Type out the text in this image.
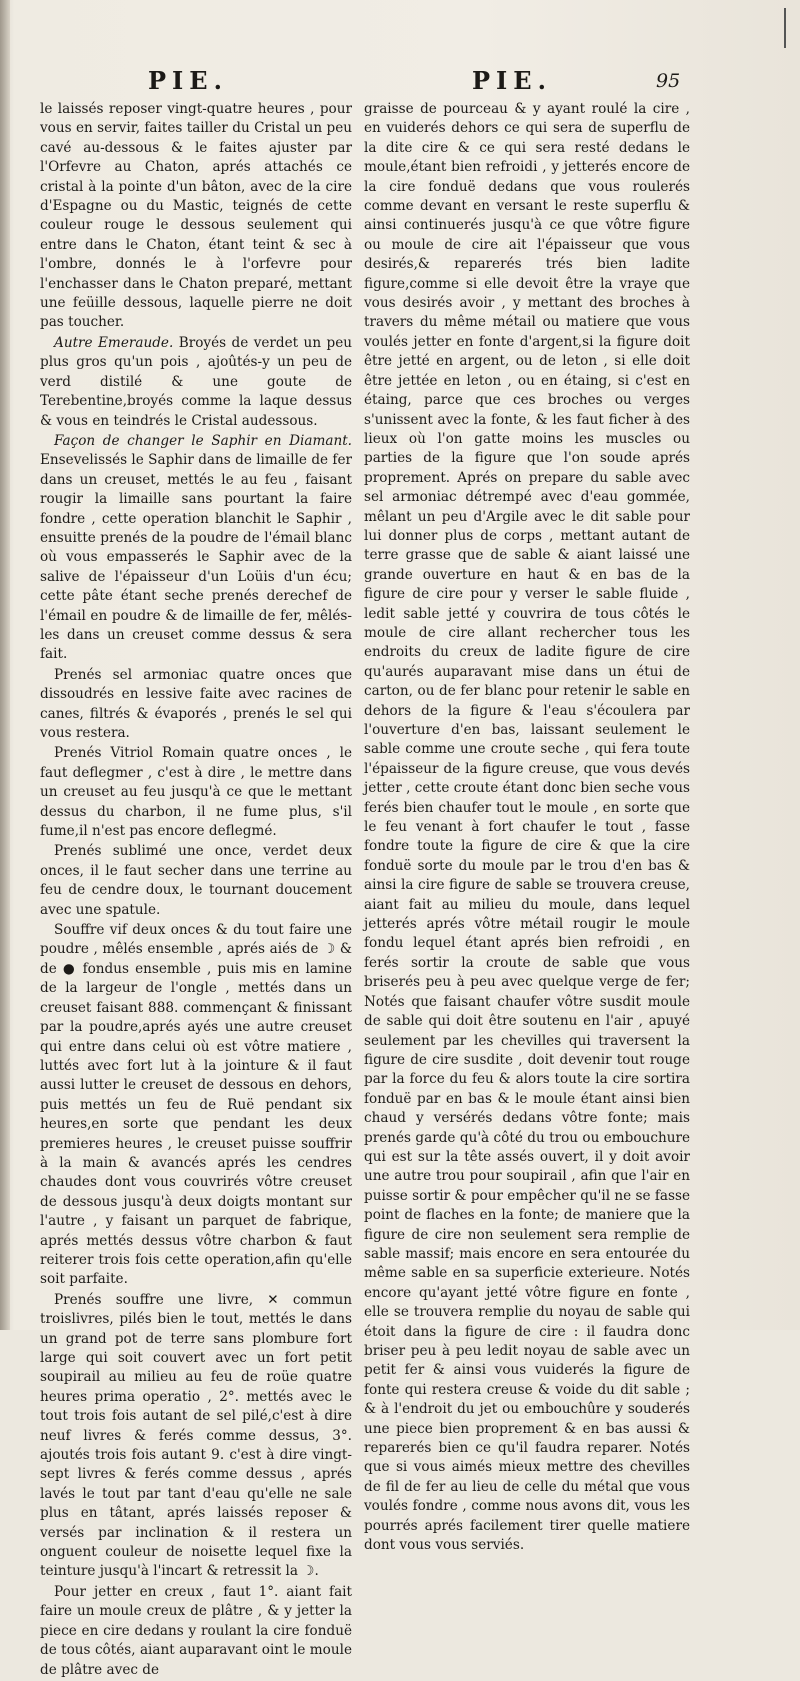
PIE.	PIE.	95

le laissés reposer vingt-quatre heures , pour vous en servir, faites tailler du Cristal un peu cavé au-dessous & le faites ajuster par l'Orfevre au Chaton, aprés attachés ce cristal à la pointe d'un bâton, avec de la cire d'Espagne ou du Mastic, teignés de cette couleur rouge le dessous seulement qui entre dans le Chaton, étant teint & sec à l'ombre, donnés le à l'orfevre pour l'enchasser dans le Chaton preparé, mettant une feüille dessous, laquelle pierre ne doit pas toucher.

Autre Emeraude. Broyés de verdet un peu plus gros qu'un pois , ajoûtés-y un peu de verd distilé & une goute de Terebentine,broyés comme la laque dessus & vous en teindrés le Cristal audessous.

Façon de changer le Saphir en Diamant. Ensevelissés le Saphir dans de limaille de fer dans un creuset, mettés le au feu , faisant rougir la limaille sans pourtant la faire fondre , cette operation blanchit le Saphir , ensuitte prenés de la poudre de l'émail blanc où vous empasserés le Saphir avec de la salive de l'épaisseur d'un Loüis d'un écu; cette pâte étant seche prenés derechef de l'émail en poudre & de limaille de fer, mêlés-les dans un creuset comme dessus & sera fait.

Prenés sel armoniac quatre onces que dissoudrés en lessive faite avec racines de canes, filtrés & évaporés , prenés le sel qui vous restera.

Prenés Vitriol Romain quatre onces , le faut deflegmer , c'est à dire , le mettre dans un creuset au feu jusqu'à ce que le mettant dessus du charbon, il ne fume plus, s'il fume,il n'est pas encore deflegmé.

Prenés sublimé une once, verdet deux onces, il le faut secher dans une terrine au feu de cendre doux, le tournant doucement avec une spatule.

Souffre vif deux onces & du tout faire une poudre , mêlés ensemble , aprés aiés de ☽ & de ● fondus ensemble , puis mis en lamine de la largeur de l'ongle , mettés dans un creuset faisant 888. commençant & finissant par la poudre,aprés ayés une autre creuset qui entre dans celui où est vôtre matiere , luttés avec fort lut à la jointure & il faut aussi lutter le creuset de dessous en dehors, puis mettés un feu de Ruë pendant six heures,en sorte que pendant les deux premieres heures , le creuset puisse souffrir à la main & avancés aprés les cendres chaudes dont vous couvrirés vôtre creuset de dessous jusqu'à deux doigts montant sur l'autre , y faisant un parquet de fabrique, aprés mettés dessus vôtre charbon & faut reiterer trois fois cette operation,afin qu'elle soit parfaite.

Prenés souffre une livre, ✕ commun troislivres, pilés bien le tout, mettés le dans un grand pot de terre sans plombure fort large qui soit couvert avec un fort petit soupirail au milieu au feu de roüe quatre heures prima operatio , 2°. mettés avec le tout trois fois autant de sel pilé,c'est à dire neuf livres & ferés comme dessus, 3°. ajoutés trois fois autant 9. c'est à dire vingt-sept livres & ferés comme dessus , aprés lavés le tout par tant d'eau qu'elle ne sale plus en tâtant, aprés laissés reposer & versés par inclination & il restera un onguent couleur de noisette lequel fixe la teinture jusqu'à l'incart & retressit la ☽.

Pour jetter en creux , faut 1°. aiant fait faire un moule creux de plâtre , & y jetter la piece en cire dedans y roulant la cire fonduë de tous côtés, aiant auparavant oint le moule de plâtre avec de

graisse de pourceau & y ayant roulé la cire , en vuiderés dehors ce qui sera de superflu de la dite cire & ce qui sera resté dedans le moule,étant bien refroidi , y jetterés encore de la cire fonduë dedans que vous roulerés comme devant en versant le reste superflu & ainsi continuerés jusqu'à ce que vôtre figure ou moule de cire ait l'épaisseur que vous desirés,& reparerés trés bien ladite figure,comme si elle devoit être la vraye que vous desirés avoir , y mettant des broches à travers du même métail ou matiere que vous voulés jetter en fonte d'argent,si la figure doit être jetté en argent, ou de leton , si elle doit être jettée en leton , ou en étaing, si c'est en étaing, parce que ces broches ou verges s'unissent avec la fonte, & les faut ficher à des lieux où l'on gatte moins les muscles ou parties de la figure que l'on soude aprés proprement. Aprés on prepare du sable avec sel armoniac détrempé avec d'eau gommée, mêlant un peu d'Argile avec le dit sable pour lui donner plus de corps , mettant autant de terre grasse que de sable & aiant laissé une grande ouverture en haut & en bas de la figure de cire pour y verser le sable fluide , ledit sable jetté y couvrira de tous côtés le moule de cire allant rechercher tous les endroits du creux de ladite figure de cire qu'aurés auparavant mise dans un étui de carton, ou de fer blanc pour retenir le sable en dehors de la figure & l'eau s'écoulera par l'ouverture d'en bas, laissant seulement le sable comme une croute seche , qui fera toute l'épaisseur de la figure creuse, que vous devés jetter , cette croute étant donc bien seche vous ferés bien chaufer tout le moule , en sorte que le feu venant à fort chaufer le tout , fasse fondre toute la figure de cire & que la cire fonduë sorte du moule par le trou d'en bas & ainsi la cire figure de sable se trouvera creuse, aiant fait au milieu du moule, dans lequel jetterés aprés vôtre métail rougir le moule fondu lequel étant aprés bien refroidi , en ferés sortir la croute de sable que vous briserés peu à peu avec quelque verge de fer; Notés que faisant chaufer vôtre susdit moule de sable qui doit être soutenu en l'air , apuyé seulement par les chevilles qui traversent la figure de cire susdite , doit devenir tout rouge par la force du feu & alors toute la cire sortira fonduë par en bas & le moule étant ainsi bien chaud y versérés dedans vôtre fonte; mais prenés garde qu'à côté du trou ou embouchure qui est sur la tête assés ouvert, il y doit avoir une autre trou pour soupirail , afin que l'air en puisse sortir & pour empêcher qu'il ne se fasse point de flaches en la fonte; de maniere que la figure de cire non seulement sera remplie de sable massif; mais encore en sera entourée du même sable en sa superficie exterieure. Notés encore qu'ayant jetté vôtre figure en fonte , elle se trouvera remplie du noyau de sable qui étoit dans la figure de cire : il faudra donc briser peu à peu ledit noyau de sable avec un petit fer & ainsi vous vuiderés la figure de fonte qui restera creuse & voide du dit sable ; & à l'endroit du jet ou embouchûre y souderés une piece bien proprement & en bas aussi & reparerés bien ce qu'il faudra reparer. Notés que si vous aimés mieux mettre des chevilles de fil de fer au lieu de celle du métal que vous voulés fondre , comme nous avons dit, vous les pourrés aprés facilement tirer quelle matiere dont vous vous serviés.
